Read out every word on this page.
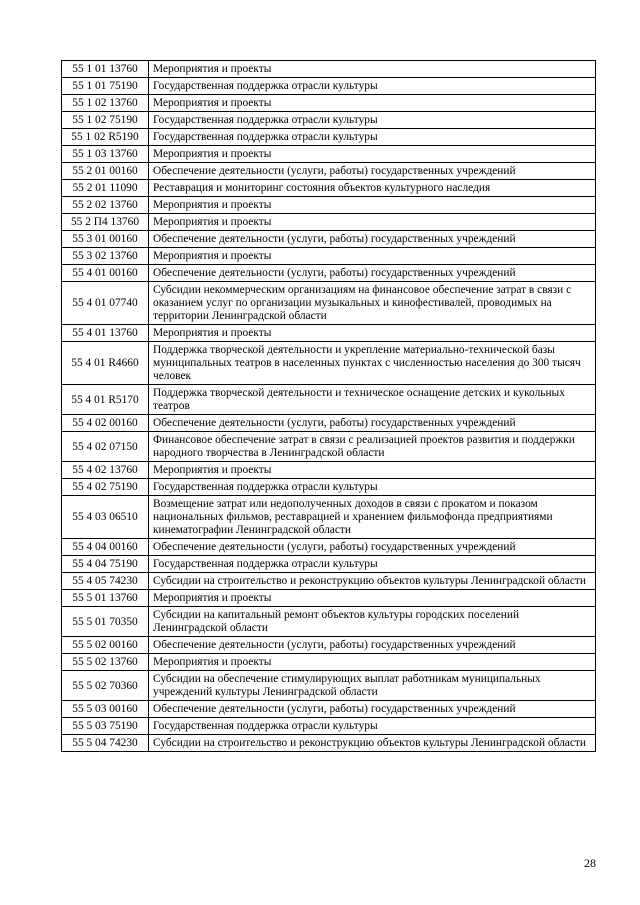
55 1 01 13760	Мероприятия и проекты
55 1 01 75190	Государственная поддержка отрасли культуры
55 1 02 13760	Мероприятия и проекты
55 1 02 75190	Государственная поддержка отрасли культуры
55 1 02 R5190	Государственная поддержка отрасли культуры
55 1 03 13760	Мероприятия и проекты
55 2 01 00160	Обеспечение деятельности (услуги, работы) государственных учреждений
55 2 01 11090	Реставрация и мониторинг состояния объектов культурного наследия
55 2 02 13760	Мероприятия и проекты
55 2 П4 13760	Мероприятия и проекты
55 3 01 00160	Обеспечение деятельности (услуги, работы) государственных учреждений
55 3 02 13760	Мероприятия и проекты
55 4 01 00160	Обеспечение деятельности (услуги, работы) государственных учреждений
55 4 01 07740	Субсидии некоммерческим организациям на финансовое обеспечение затрат в связи с оказанием услуг по организации музыкальных и кинофестивалей, проводимых на территории Ленинградской области
55 4 01 13760	Мероприятия и проекты
55 4 01 R4660	Поддержка творческой деятельности и укрепление материально-технической базы муниципальных театров в населенных пунктах с численностью населения до 300 тысяч человек
55 4 01 R5170	Поддержка творческой деятельности и техническое оснащение детских и кукольных театров
55 4 02 00160	Обеспечение деятельности (услуги, работы) государственных учреждений
55 4 02 07150	Финансовое обеспечение затрат в связи с реализацией проектов развития и поддержки народного творчества в Ленинградской области
55 4 02 13760	Мероприятия и проекты
55 4 02 75190	Государственная поддержка отрасли культуры
55 4 03 06510	Возмещение затрат или недополученных доходов в связи с прокатом и показом национальных фильмов, реставрацией и хранением фильмофонда предприятиями кинематографии Ленинградской области
55 4 04 00160	Обеспечение деятельности (услуги, работы) государственных учреждений
55 4 04 75190	Государственная поддержка отрасли культуры
55 4 05 74230	Субсидии на строительство и реконструкцию объектов культуры Ленинградской области
55 5 01 13760	Мероприятия и проекты
55 5 01 70350	Субсидии на капитальный ремонт объектов культуры городских поселений Ленинградской области
55 5 02 00160	Обеспечение деятельности (услуги, работы) государственных учреждений
55 5 02 13760	Мероприятия и проекты
55 5 02 70360	Субсидии на обеспечение стимулирующих выплат работникам муниципальных учреждений культуры Ленинградской области
55 5 03 00160	Обеспечение деятельности (услуги, работы) государственных учреждений
55 5 03 75190	Государственная поддержка отрасли культуры
55 5 04 74230	Субсидии на строительство и реконструкцию объектов культуры Ленинградской области
28
